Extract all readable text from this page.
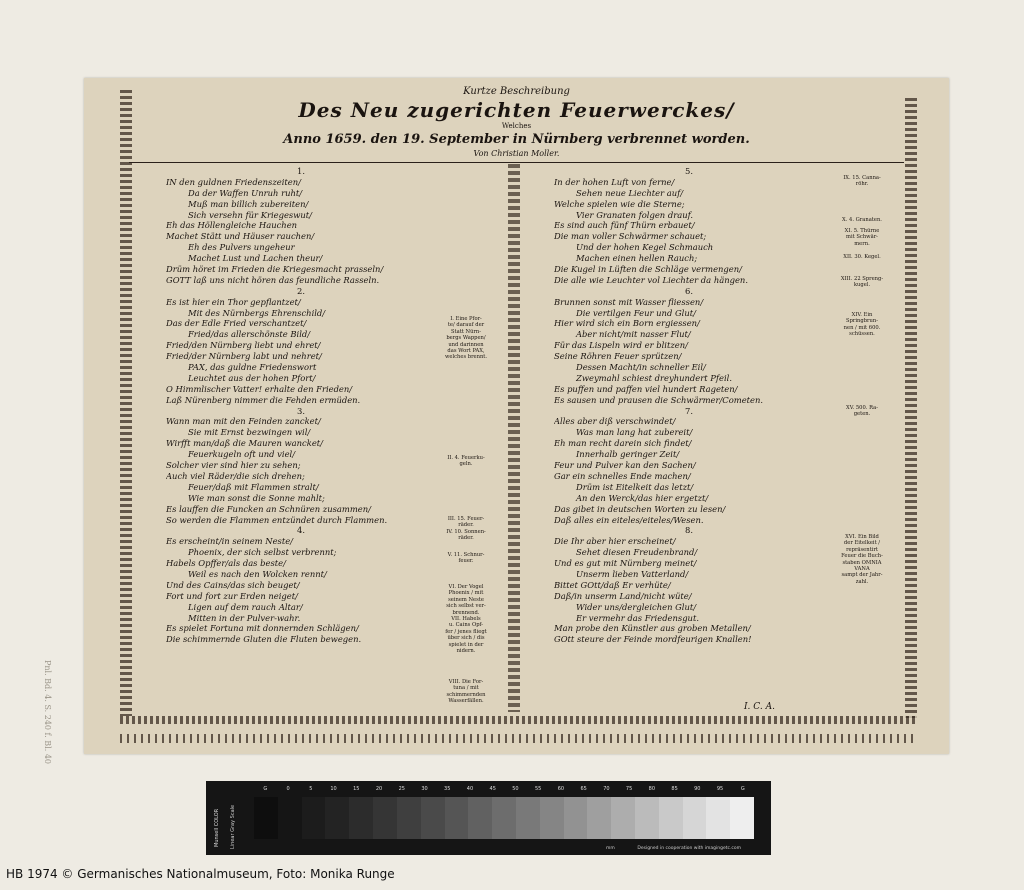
Kurtze Beschreibung
Des Neu zugerichten Feuerwerckes/
Welches
Anno 1659. den 19. September in Nürnberg verbrennet worden.
Von Christian Moller.
1.
IN den guldnen Friedenszeiten/
Da der Waffen Unruh ruht/
Muß man billich zubereiten/
Sich versehn für Kriegeswut/
Eh das Höllengleiche Hauchen
Machet Stätt und Häuser rauchen/
Eh des Pulvers ungeheur
Machet Lust und Lachen theur/
Drüm höret im Frieden die Kriegesmacht prasseln/
GOTT laß uns nicht hören das feundliche Rasseln.
2.
Es ist hier ein Thor gepflantzet/
Mit des Nürnbergs Ehrenschild/
Das der Edle Fried verschantzet/
Fried/das allerschönste Bild/
Fried/den Nürnberg liebt und ehret/
Fried/der Nürnberg labt und nehret/
PAX, das guldne Friedenswort
Leuchtet aus der hohen Pfort/
O Himmlischer Vatter! erhalte den Frieden/
Laß Nürenberg nimmer die Fehden ermüden.
3.
Wann man mit den Feinden zancket/
Sie mit Ernst bezwingen wil/
Wirfft man/daß die Mauren wancket/
Feuerkugeln oft und viel/
Solcher vier sind hier zu sehen;
Auch viel Räder/die sich drehen;
Feuer/daß mit Flammen stralt/
Wie man sonst die Sonne mahlt;
Es lauffen die Funcken an Schnüren zusammen/
So werden die Flammen entzündet durch Flammen.
4.
Es erscheint/in seinem Neste/
Phoenix, der sich selbst verbrennt;
Habels Opffer/als das beste/
Weil es nach den Wolcken rennt/
Und des Cains/das sich beuget/
Fort und fort zur Erden neiget/
Ligen auf dem rauch Altar/
Mitten in der Pulver-wahr.
Es spielet Fortuna mit donnernden Schlägen/
Die schimmernde Gluten die Fluten bewegen.
5.
In der hohen Luft von ferne/
Sehen neue Liechter auf/
Welche spielen wie die Sterne;
Vier Granaten folgen drauf.
Es sind auch fünf Thürn erbauet/
Die man voller Schwärmer schauet;
Und der hohen Kegel Schmauch
Machen einen hellen Rauch;
Die Kugel in Lüften die Schläge vermengen/
Die alle wie Leuchter vol Liechter da hängen.
6.
Brunnen sonst mit Wasser fliessen/
Die vertilgen Feur und Glut/
Hier wird sich ein Born ergiessen/
Aber nicht/mit nasser Flut/
Für das Lispeln wird er blitzen/
Seine Röhren Feuer sprützen/
Dessen Macht/in schneller Eil/
Zweymahl schiest dreyhundert Pfeil.
Es puffen und paffen viel hundert Rageten/
Es sausen und prausen die Schwärmer/Cometen.
7.
Alles aber diß verschwindet/
Was man lang hat zubereit/
Eh man recht darein sich findet/
Innerhalb geringer Zeit/
Feur und Pulver kan den Sachen/
Gar ein schnelles Ende machen/
Drüm ist Eitelkeit das letzt/
An den Werck/das hier ergetzt/
Das gibet in deutschen Worten zu lesen/
Daß alles ein eiteles/eiteles/Wesen.
8.
Die Ihr aber hier erscheinet/
Sehet diesen Freudenbrand/
Und es gut mit Nürnberg meinet/
Unserm lieben Vatterland/
Bittet GOtt/daß Er verhüte/
Daß/in unserm Land/nicht wüte/
Wider uns/dergleichen Glut/
Er vermehr das Friedensgut.
Man probe den Künstler aus groben Metallen/
GOtt steure der Feinde mordfeurigen Knallen!
I. Eine Pfor-
te/ darauf der
Statt Nürn-
bergs Wappen/
und darinnen
das Wort PAX,
welches brennt.
II. 4. Feuerku-
geln.
III. 15. Feuer-
räder.
IV. 10. Sonnen-
räder.
V. 11. Schnur-
feuer.
VI. Der Vogel
Phoenix / mit
seinem Neste
sich selbst ver-
brennend.
VII. Habels
u. Cains Opf-
fer / jenes fliegt
über sich / dis
spielet in der
nidern.
VIII. Die For-
tuna / mit
schimmernden
Wasserfällen.
IX. 15. Canna-
röhr.
X. 4. Granaten.
XI. 5. Thürne
mit Schwär-
mern.
XII. 30. Kegel.
XIII. 22 Spreng-
kugel.
XIV. Ein
Springbrun-
nen / mit 600.
schüssen.
XV. 500. Ra-
geten.
XVI. Ein Bild
der Eitelkeit /
repräsentirt
Feuer die Buch-
staben OMNIA
VANA
sampt der Jahr-
zahl.
I. C. A.
Pnl. Bd. 4. S. 240 f. Bl. 40
Munsell COLOR	Linear Gray Scale
G	0	5	10	15	20	25	30	35	40	45	50	55	60	65	70	75	80	85	90	95	G
mm	Designed in cooperation with imagingetc.com
HB 1974 © Germanisches Nationalmuseum, Foto: Monika Runge
